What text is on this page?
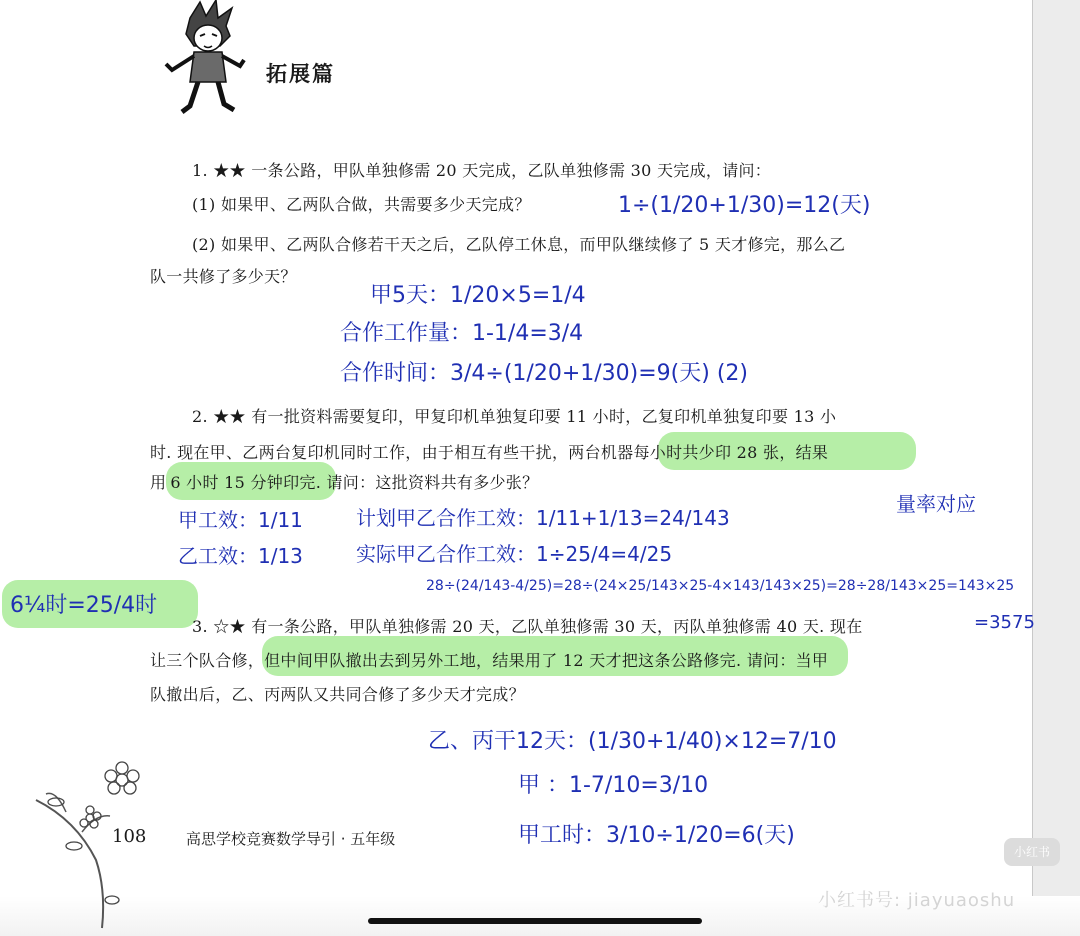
拓展篇
1. ★★ 一条公路，甲队单独修需 20 天完成，乙队单独修需 30 天完成，请问：
(1) 如果甲、乙两队合做，共需要多少天完成？
(2) 如果甲、乙两队合修若干天之后，乙队停工休息，而甲队继续修了 5 天才修完，那么乙
队一共修了多少天？
2. ★★ 有一批资料需要复印，甲复印机单独复印要 11 小时，乙复印机单独复印要 13 小
时. 现在甲、乙两台复印机同时工作，由于相互有些干扰，两台机器每小时共少印 28 张，结果
用 6 小时 15 分钟印完. 请问：这批资料共有多少张？
3. ☆★ 有一条公路，甲队单独修需 20 天，乙队单独修需 30 天，丙队单独修需 40 天. 现在
让三个队合修，但中间甲队撤出去到另外工地，结果用了 12 天才把这条公路修完. 请问：当甲
队撤出后，乙、丙两队又共同合修了多少天才完成？
1÷(1/20+1/30)=12(天)
甲5天：1/20×5=1/4
合作工作量：1-1/4=3/4
合作时间：3/4÷(1/20+1/30)=9(天) (2)
甲工效：1/11
乙工效：1/13
计划甲乙合作工效：1/11+1/13=24/143
实际甲乙合作工效：1÷25/4=4/25
量率对应
6¼时=25/4时
28÷(24/143-4/25)=28÷(24×25/143×25-4×143/143×25)=28÷28/143×25=143×25
=3575
乙、丙干12天：(1/30+1/40)×12=7/10
甲 ：1-7/10=3/10
甲工时：3/10÷1/20=6(天)
108	高思学校竞赛数学导引 · 五年级
小红书
小红书号: jiayuaoshu
